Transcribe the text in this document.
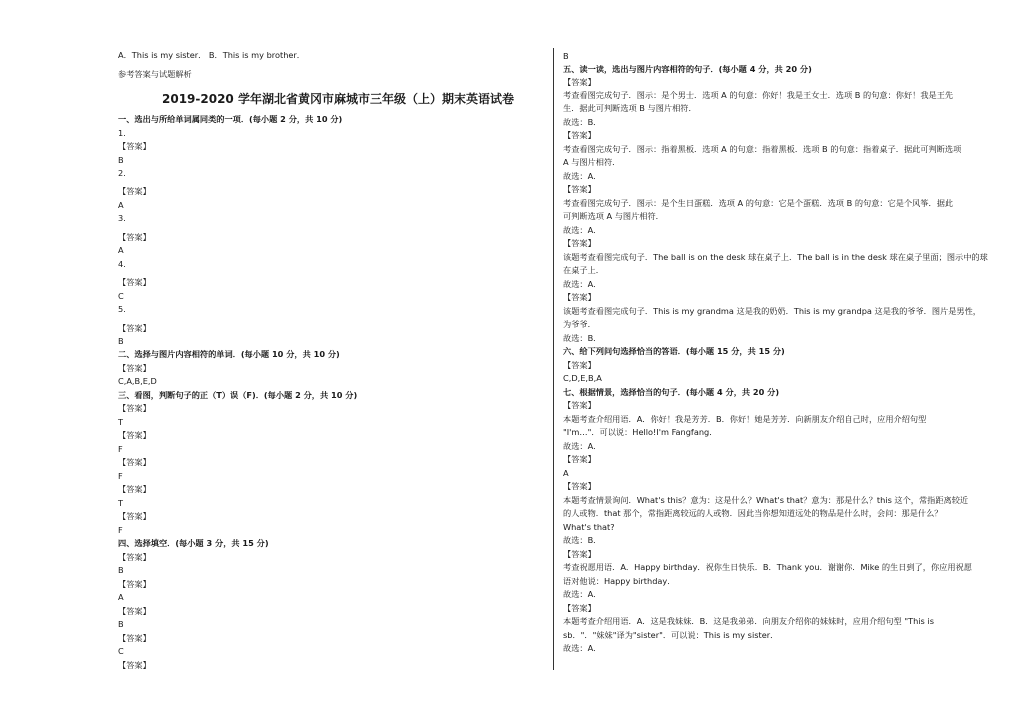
A．This is my sister． B．This is my brother．
参考答案与试题解析
2019-2020 学年湖北省黄冈市麻城市三年级（上）期末英语试卷
一、选出与所给单词属同类的一项．(每小题 2 分，共 10 分)
1.
【答案】
B
2.
【答案】
A
3.
【答案】
A
4.
【答案】
C
5.
【答案】
B
二、选择与图片内容相符的单词．(每小题 10 分，共 10 分)
【答案】
C,A,B,E,D
三、看图，判断句子的正（T）误（F)．(每小题 2 分，共 10 分)
【答案】
T
【答案】
F
【答案】
F
【答案】
T
【答案】
F
四、选择填空．(每小题 3 分，共 15 分)
【答案】
B
【答案】
A
【答案】
B
【答案】
C
【答案】
B
五、读一读，选出与图片内容相符的句子．(每小题 4 分，共 20 分)
【答案】
考查看图完成句子．图示：是个男士．选项 A 的句意：你好！我是王女士．选项 B 的句意：你好！我是王先
生．据此可判断选项 B 与图片相符．
故选：B．
【答案】
考查看图完成句子．图示：指着黑板．选项 A 的句意：指着黑板．选项 B 的句意：指着桌子．据此可判断选项
A 与图片相符．
故选：A．
【答案】
考查看图完成句子．图示：是个生日蛋糕．选项 A 的句意：它是个蛋糕．选项 B 的句意：它是个风筝．据此
可判断选项 A 与图片相符．
故选：A．
【答案】
该题考查看图完成句子．The ball is on the desk 球在桌子上．The ball is in the desk 球在桌子里面；图示中的球
在桌子上．
故选：A．
【答案】
该题考查看图完成句子．This is my grandma 这是我的奶奶．This is my grandpa 这是我的爷爷．图片是男性，
为爷爷．
故选：B．
六、给下列问句选择恰当的答语．(每小题 15 分，共 15 分)
【答案】
C,D,E,B,A
七、根据情景，选择恰当的句子．(每小题 4 分，共 20 分)
【答案】
本题考查介绍用语．A．你好！我是芳芳．B．你好！她是芳芳．向新朋友介绍自己时，应用介绍句型
"I'm…"．可以说：Hello!I'm Fangfang．
故选：A．
【答案】
A
【答案】
本题考查情景询问．What's this？意为：这是什么？What's that？意为：那是什么？this 这个，常指距离较近
的人或物．that 那个，常指距离较远的人或物．因此当你想知道远处的物品是什么时，会问：那是什么？
What's that?
故选：B．
【答案】
考查祝愿用语．A．Happy birthday．祝你生日快乐．B．Thank you．谢谢你．Mike 的生日到了，你应用祝愿
语对他说：Happy birthday．
故选：A．
【答案】
本题考查介绍用语．A．这是我妹妹．B．这是我弟弟．向朋友介绍你的妹妹时，应用介绍句型 "This is
sb．"．"妹妹"译为"sister"．可以说：This is my sister．
故选：A．
